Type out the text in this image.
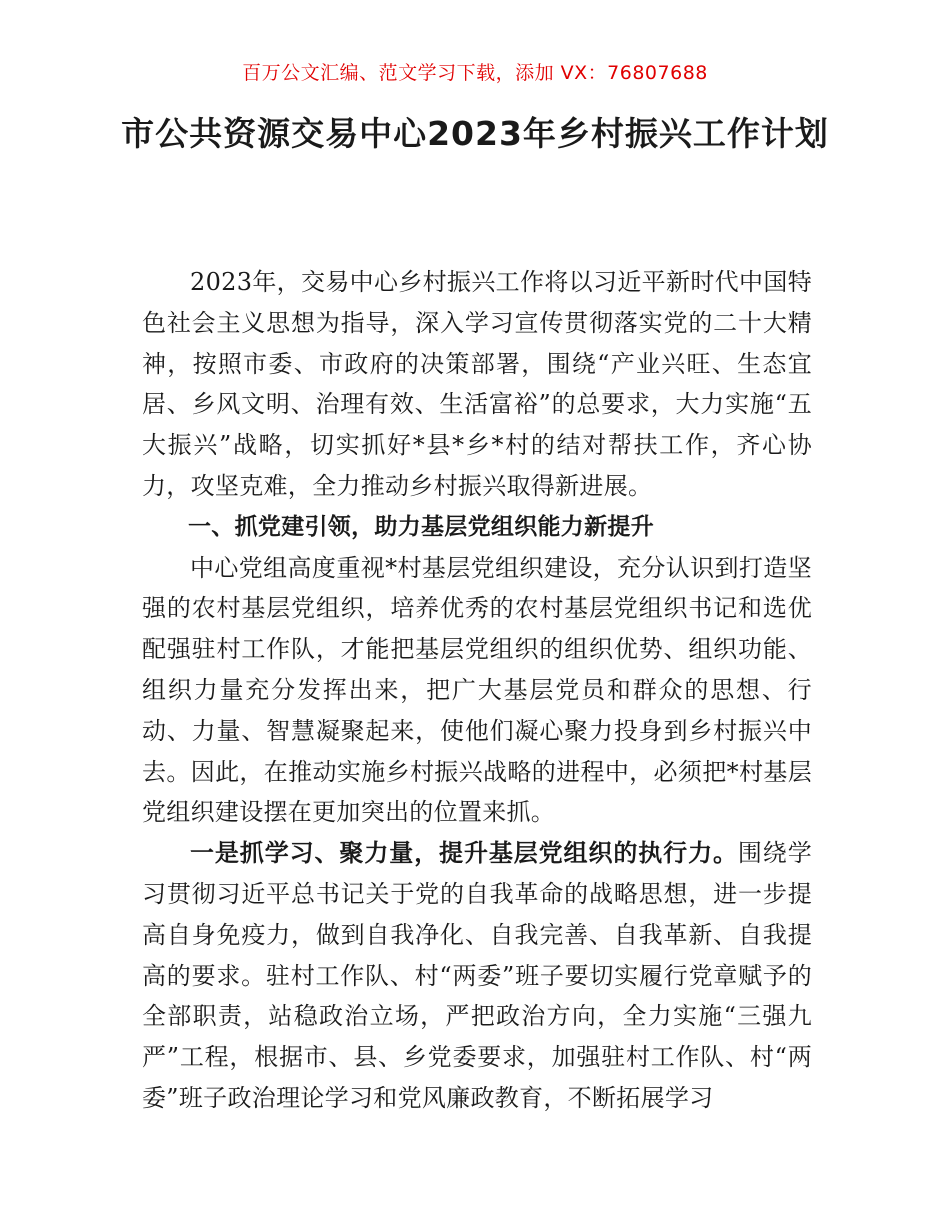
百万公文汇编、范文学习下载，添加 VX：76807688
市公共资源交易中心2023年乡村振兴工作计划

2023年，交易中心乡村振兴工作将以习近平新时代中国特色社会主义思想为指导，深入学习宣传贯彻落实党的二十大精神，按照市委、市政府的决策部署，围绕“产业兴旺、生态宜居、乡风文明、治理有效、生活富裕”的总要求，大力实施“五大振兴”战略，切实抓好*县*乡*村的结对帮扶工作，齐心协力，攻坚克难，全力推动乡村振兴取得新进展。

一、抓党建引领，助力基层党组织能力新提升

中心党组高度重视*村基层党组织建设，充分认识到打造坚强的农村基层党组织，培养优秀的农村基层党组织书记和选优配强驻村工作队，才能把基层党组织的组织优势、组织功能、组织力量充分发挥出来，把广大基层党员和群众的思想、行动、力量、智慧凝聚起来，使他们凝心聚力投身到乡村振兴中去。因此，在推动实施乡村振兴战略的进程中，必须把*村基层党组织建设摆在更加突出的位置来抓。

一是抓学习、聚力量，提升基层党组织的执行力。围绕学习贯彻习近平总书记关于党的自我革命的战略思想，进一步提高自身免疫力，做到自我净化、自我完善、自我革新、自我提高的要求。驻村工作队、村“两委”班子要切实履行党章赋予的全部职责，站稳政治立场，严把政治方向，全力实施“三强九严”工程，根据市、县、乡党委要求，加强驻村工作队、村“两委”班子政治理论学习和党风廉政教育，不断拓展学习
